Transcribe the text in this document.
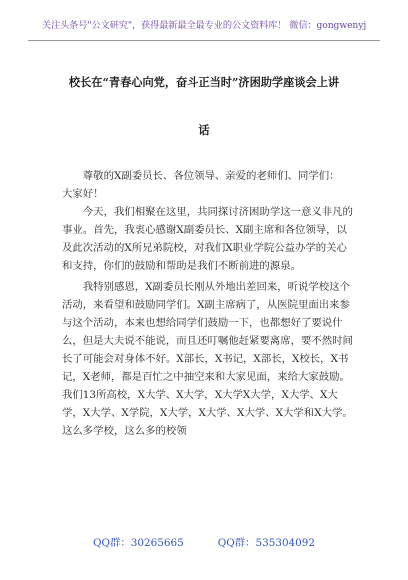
关注头条号"公文研究"，获得最新最全最专业的公文资料库！ 微信：gongwenyj
校长在“青春心向党，奋斗正当时”济困助学座谈会上讲
话

尊敬的X副委员长、各位领导、亲爱的老师们、同学们：

大家好！

今天，我们相聚在这里，共同探讨济困助学这一意义非凡的事业。首先，我衷心感谢X副委员长、X副主席和各位领导，以及此次活动的X所兄弟院校，对我们X职业学院公益办学的关心和支持，你们的鼓励和帮助是我们不断前进的源泉。

我特别感恩，X副委员长刚从外地出差回来，听说学校这个活动，来看望和鼓励同学们。X副主席病了，从医院里面出来参与这个活动，本来也想给同学们鼓励一下，也都想好了要说什么，但是大夫说不能说，而且还叮嘱他赶紧要离席，要不然时间长了可能会对身体不好。X部长，X书记，X部长，X校长，X书记，X老师，都是百忙之中抽空来和大家见面，来给大家鼓励。我们13所高校，X大学、X大学，X大学X大学，X大学、X大学，X大学、X学院，X大学，X大学、X大学、X大学和X大学。这么多学校，这么多的校领

QQ群：30265665	QQ群：535304092
